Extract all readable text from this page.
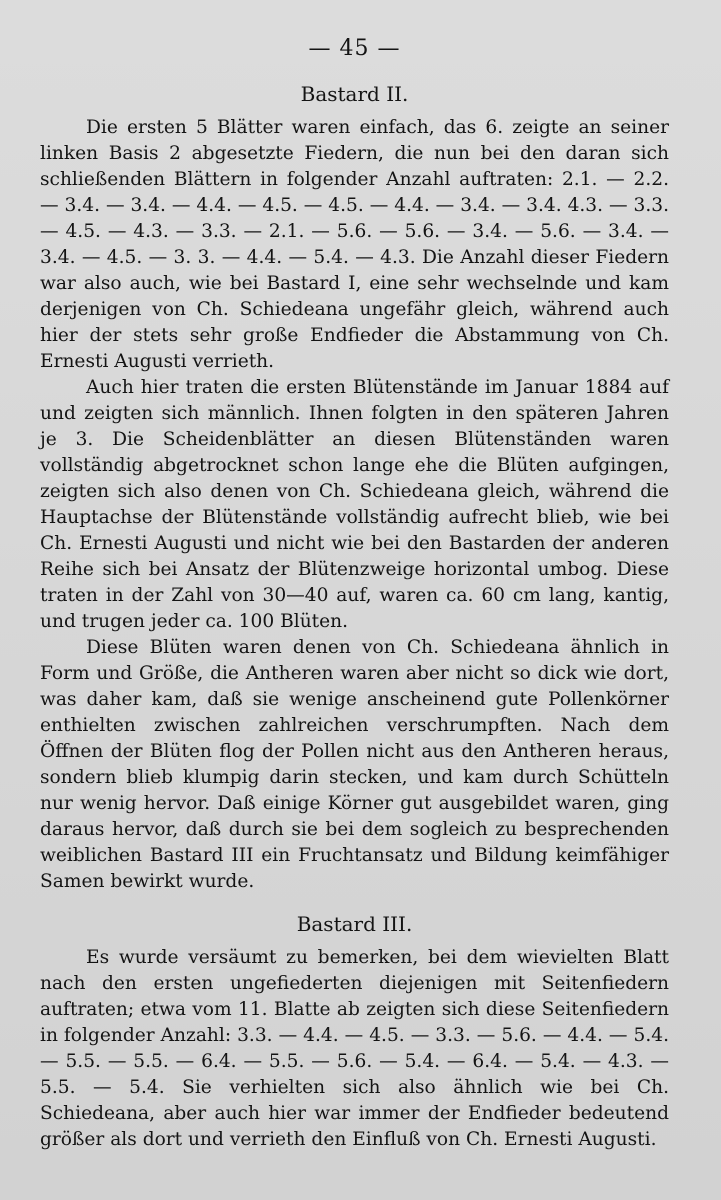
— 45 —
Bastard II.

Die ersten 5 Blätter waren einfach, das 6. zeigte an seiner linken Basis 2 abgesetzte Fiedern, die nun bei den daran sich schließenden Blättern in folgender Anzahl auftraten: 2.1. — 2.2. — 3.4. — 3.4. — 4.4. — 4.5. — 4.5. — 4.4. — 3.4. — 3.4. 4.3. — 3.3. — 4.5. — 4.3. — 3.3. — 2.1. — 5.6. — 5.6. — 3.4. — 5.6. — 3.4. — 3.4. — 4.5. — 3. 3. — 4.4. — 5.4. — 4.3. Die Anzahl dieser Fiedern war also auch, wie bei Bastard I, eine sehr wechselnde und kam derjenigen von Ch. Schiedeana ungefähr gleich, während auch hier der stets sehr große Endfieder die Abstammung von Ch. Ernesti Augusti verrieth.

Auch hier traten die ersten Blütenstände im Januar 1884 auf und zeigten sich männlich. Ihnen folgten in den späteren Jahren je 3. Die Scheidenblätter an diesen Blütenständen waren vollständig abgetrocknet schon lange ehe die Blüten aufgingen, zeigten sich also denen von Ch. Schiedeana gleich, während die Hauptachse der Blütenstände vollständig aufrecht blieb, wie bei Ch. Ernesti Augusti und nicht wie bei den Bastarden der anderen Reihe sich bei Ansatz der Blütenzweige horizontal umbog. Diese traten in der Zahl von 30—40 auf, waren ca. 60 cm lang, kantig, und trugen jeder ca. 100 Blüten.

Diese Blüten waren denen von Ch. Schiedeana ähnlich in Form und Größe, die Antheren waren aber nicht so dick wie dort, was daher kam, daß sie wenige anscheinend gute Pollenkörner enthielten zwischen zahlreichen verschrumpften. Nach dem Öffnen der Blüten flog der Pollen nicht aus den Antheren heraus, sondern blieb klumpig darin stecken, und kam durch Schütteln nur wenig hervor. Daß einige Körner gut ausgebildet waren, ging daraus hervor, daß durch sie bei dem sogleich zu besprechenden weiblichen Bastard III ein Fruchtansatz und Bildung keimfähiger Samen bewirkt wurde.

Bastard III.

Es wurde versäumt zu bemerken, bei dem wievielten Blatt nach den ersten ungefiederten diejenigen mit Seitenfiedern auftraten; etwa vom 11. Blatte ab zeigten sich diese Seitenfiedern in folgender Anzahl: 3.3. — 4.4. — 4.5. — 3.3. — 5.6. — 4.4. — 5.4. — 5.5. — 5.5. — 6.4. — 5.5. — 5.6. — 5.4. — 6.4. — 5.4. — 4.3. — 5.5. — 5.4. Sie verhielten sich also ähnlich wie bei Ch. Schiedeana, aber auch hier war immer der Endfieder bedeutend größer als dort und verrieth den Einfluß von Ch. Ernesti Augusti.
